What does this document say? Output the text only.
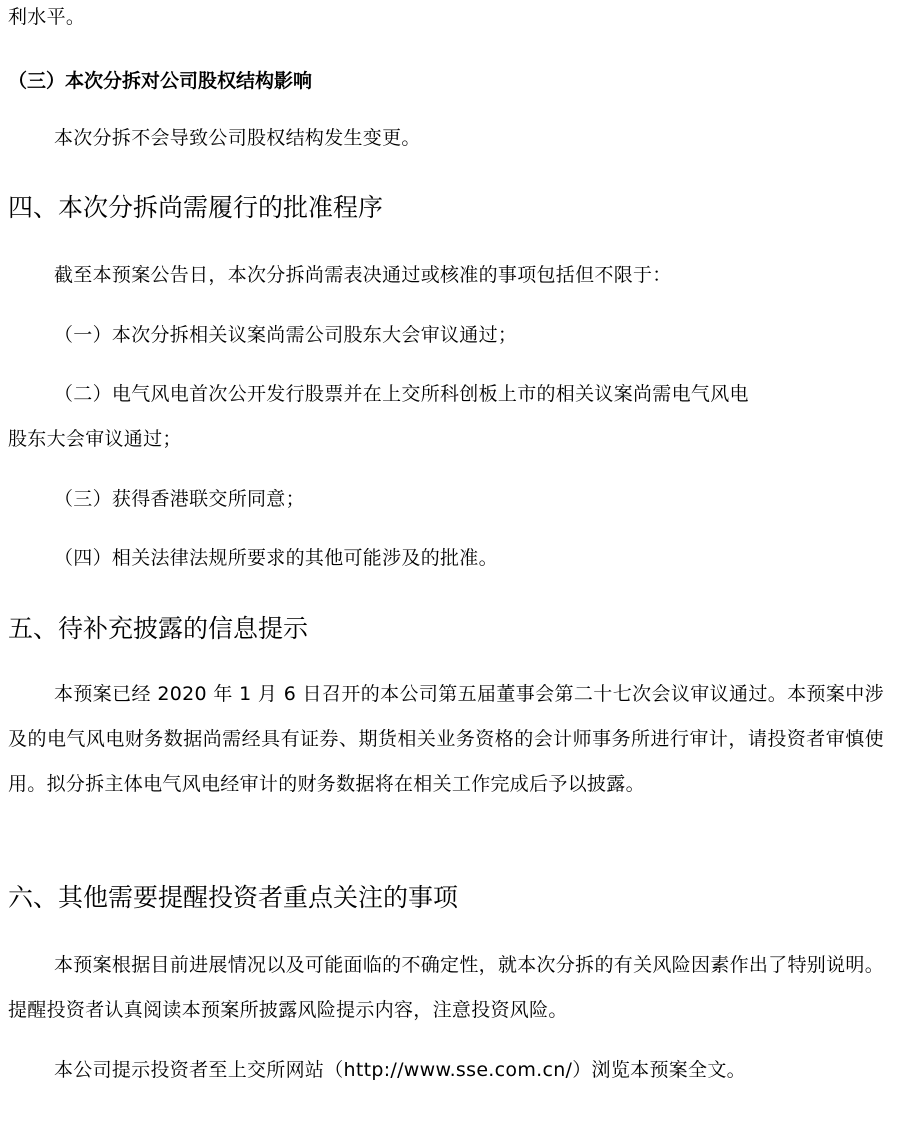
利水平。

（三）本次分拆对公司股权结构影响

本次分拆不会导致公司股权结构发生变更。

四、本次分拆尚需履行的批准程序

截至本预案公告日，本次分拆尚需表决通过或核准的事项包括但不限于：

（一）本次分拆相关议案尚需公司股东大会审议通过；

（二）电气风电首次公开发行股票并在上交所科创板上市的相关议案尚需电气风电

股东大会审议通过；

（三）获得香港联交所同意；

（四）相关法律法规所要求的其他可能涉及的批准。

五、待补充披露的信息提示

本预案已经 2020 年 1 月 6 日召开的本公司第五届董事会第二十七次会议审议通过。本预案中涉及的电气风电财务数据尚需经具有证券、期货相关业务资格的会计师事务所进行审计，请投资者审慎使用。拟分拆主体电气风电经审计的财务数据将在相关工作完成后予以披露。

六、其他需要提醒投资者重点关注的事项

本预案根据目前进展情况以及可能面临的不确定性，就本次分拆的有关风险因素作出了特别说明。提醒投资者认真阅读本预案所披露风险提示内容，注意投资风险。

本公司提示投资者至上交所网站（http://www.sse.com.cn/）浏览本预案全文。
